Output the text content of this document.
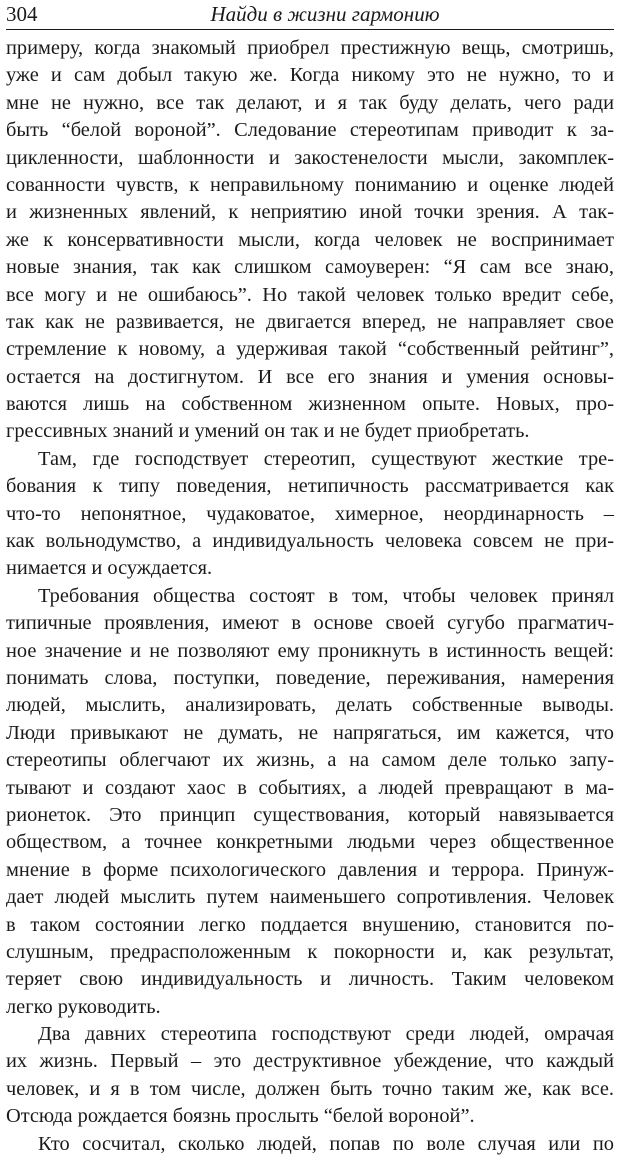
304	Найди в жизни гармонию
примеру, когда знакомый приобрел престижную вещь, смотришь,
уже и сам добыл такую же. Когда никому это не нужно, то и
мне не нужно, все так делают, и я так буду делать, чего ради
быть “белой вороной”. Следование стереотипам приводит к за-
цикленности, шаблонности и закостенелости мысли, закомплек-
сованности чувств, к неправильному пониманию и оценке людей
и жизненных явлений, к неприятию иной точки зрения. А так-
же к консервативности мысли, когда человек не воспринимает
новые знания, так как слишком самоуверен: “Я сам все знаю,
все могу и не ошибаюсь”. Но такой человек только вредит себе,
так как не развивается, не двигается вперед, не направляет свое
стремление к новому, а удерживая такой “собственный рейтинг”,
остается на достигнутом. И все его знания и умения основы-
ваются лишь на собственном жизненном опыте. Новых, про-
грессивных знаний и умений он так и не будет приобретать.
Там, где господствует стереотип, существуют жесткие тре-
бования к типу поведения, нетипичность рассматривается как
что-то непонятное, чудаковатое, химерное, неординарность –
как вольнодумство, а индивидуальность человека совсем не при-
нимается и осуждается.
Требования общества состоят в том, чтобы человек принял
типичные проявления, имеют в основе своей сугубо прагматич-
ное значение и не позволяют ему проникнуть в истинность вещей:
понимать слова, поступки, поведение, переживания, намерения
людей, мыслить, анализировать, делать собственные выводы.
Люди привыкают не думать, не напрягаться, им кажется, что
стереотипы облегчают их жизнь, а на самом деле только запу-
тывают и создают хаос в событиях, а людей превращают в ма-
рионеток. Это принцип существования, который навязывается
обществом, а точнее конкретными людьми через общественное
мнение в форме психологического давления и террора. Принуж-
дает людей мыслить путем наименьшего сопротивления. Человек
в таком состоянии легко поддается внушению, становится по-
слушным, предрасположенным к покорности и, как результат,
теряет свою индивидуальность и личность. Таким человеком
легко руководить.
Два давних стереотипа господствуют среди людей, омрачая
их жизнь. Первый – это деструктивное убеждение, что каждый
человек, и я в том числе, должен быть точно таким же, как все.
Отсюда рождается боязнь прослыть “белой вороной”.
Кто сосчитал, сколько людей, попав по воле случая или по
